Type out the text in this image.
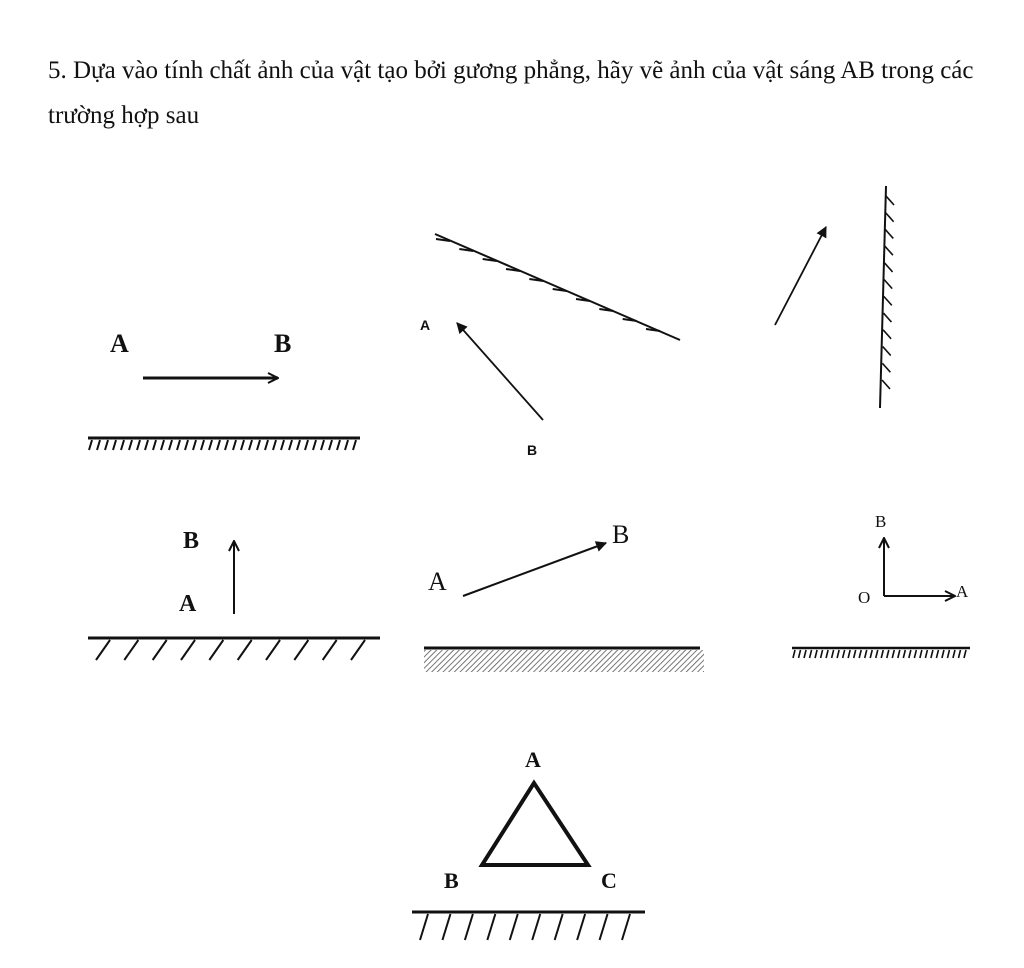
5. Dựa vào tính chất ảnh của vật tạo bởi gương phẳng, hãy vẽ ảnh của vật sáng AB trong các trường hợp sau
A	B
A
B
B
A
A
B	B
O	A
A
B	C
